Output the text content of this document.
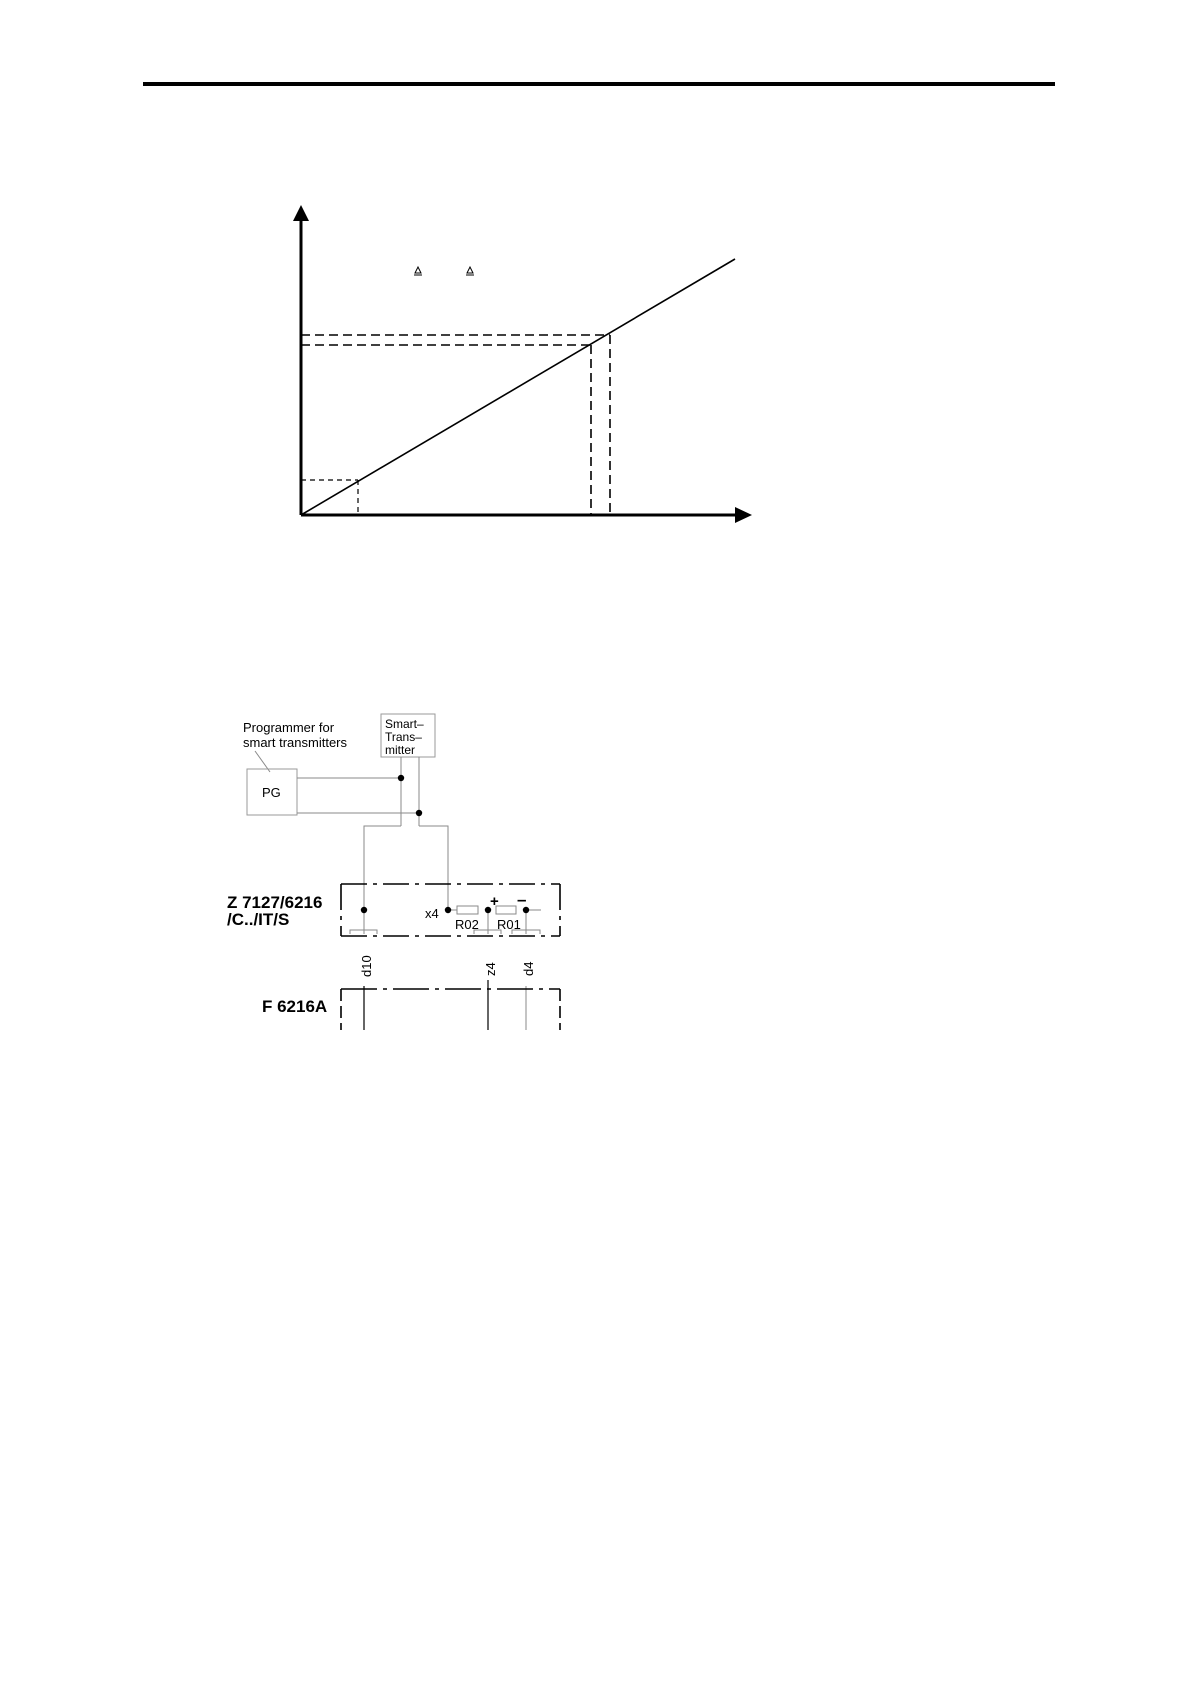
Programmer for
smart transmitters
PG
Smart–
Trans–
mitter
Z 7127/6216
/C../IT/S
F 6216A
x4
R02 R01
+ –
d10	z4 d4
